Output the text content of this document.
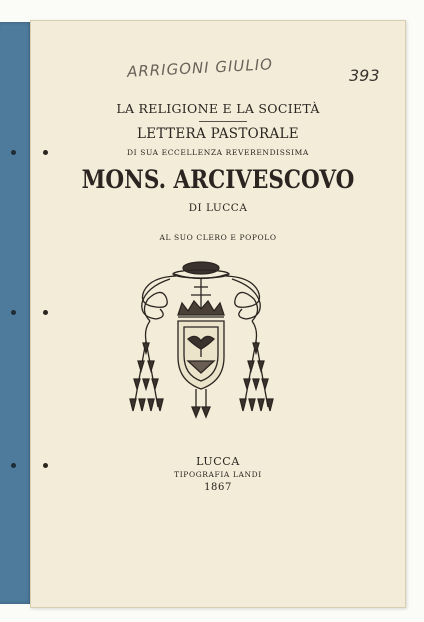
ARRIGONI GIULIO	393
LA RELIGIONE E LA SOCIETÀ
LETTERA PASTORALE
DI SUA ECCELLENZA REVERENDISSIMA
MONS. ARCIVESCOVO
DI LUCCA
AL SUO CLERO E POPOLO
LUCCA
TIPOGRAFIA LANDI
1867
